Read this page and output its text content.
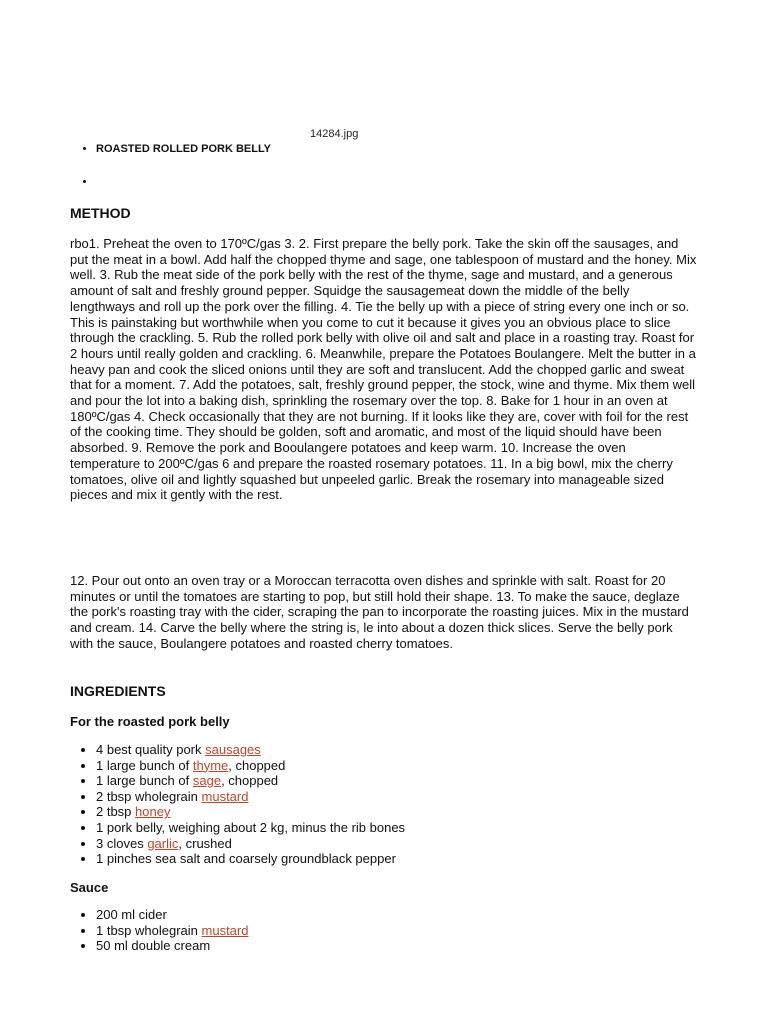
14284.jpg
• ROASTED ROLLED PORK BELLY
•
METHOD

rbo1. Preheat the oven to 170ºC/gas 3. 2. First prepare the belly pork. Take the skin off the sausages, and put the meat in a bowl. Add half the chopped thyme and sage, one tablespoon of mustard and the honey. Mix well. 3. Rub the meat side of the pork belly with the rest of the thyme, sage and mustard, and a generous amount of salt and freshly ground pepper. Squidge the sausagemeat down the middle of the belly lengthways and roll up the pork over the filling. 4. Tie the belly up with a piece of string every one inch or so. This is painstaking but worthwhile when you come to cut it because it gives you an obvious place to slice through the crackling. 5. Rub the rolled pork belly with olive oil and salt and place in a roasting tray. Roast for 2 hours until really golden and crackling. 6. Meanwhile, prepare the Potatoes Boulangere. Melt the butter in a heavy pan and cook the sliced onions until they are soft and translucent. Add the chopped garlic and sweat that for a moment. 7. Add the potatoes, salt, freshly ground pepper, the stock, wine and thyme. Mix them well and pour the lot into a baking dish, sprinkling the rosemary over the top. 8. Bake for 1 hour in an oven at 180ºC/gas 4. Check occasionally that they are not burning. If it looks like they are, cover with foil for the rest of the cooking time. They should be golden, soft and aromatic, and most of the liquid should have been absorbed. 9. Remove the pork and Booulangere potatoes and keep warm. 10. Increase the oven temperature to 200ºC/gas 6 and prepare the roasted rosemary potatoes. 11. In a big bowl, mix the cherry tomatoes, olive oil and lightly squashed but unpeeled garlic. Break the rosemary into manageable sized pieces and mix it gently with the rest.

12. Pour out onto an oven tray or a Moroccan terracotta oven dishes and sprinkle with salt. Roast for 20 minutes or until the tomatoes are starting to pop, but still hold their shape. 13. To make the sauce, deglaze the pork's roasting tray with the cider, scraping the pan to incorporate the roasting juices. Mix in the mustard and cream. 14. Carve the belly where the string is, le into about a dozen thick slices. Serve the belly pork with the sauce, Boulangere potatoes and roasted cherry tomatoes.

INGREDIENTS
For the roasted pork belly
• 4 best quality pork sausages
• 1 large bunch of thyme, chopped
• 1 large bunch of sage, chopped
• 2 tbsp wholegrain mustard
• 2 tbsp honey
• 1 pork belly, weighing about 2 kg, minus the rib bones
• 3 cloves garlic, crushed
• 1 pinches sea salt and coarsely groundblack pepper
Sauce
• 200 ml cider
• 1 tbsp wholegrain mustard
• 50 ml double cream
